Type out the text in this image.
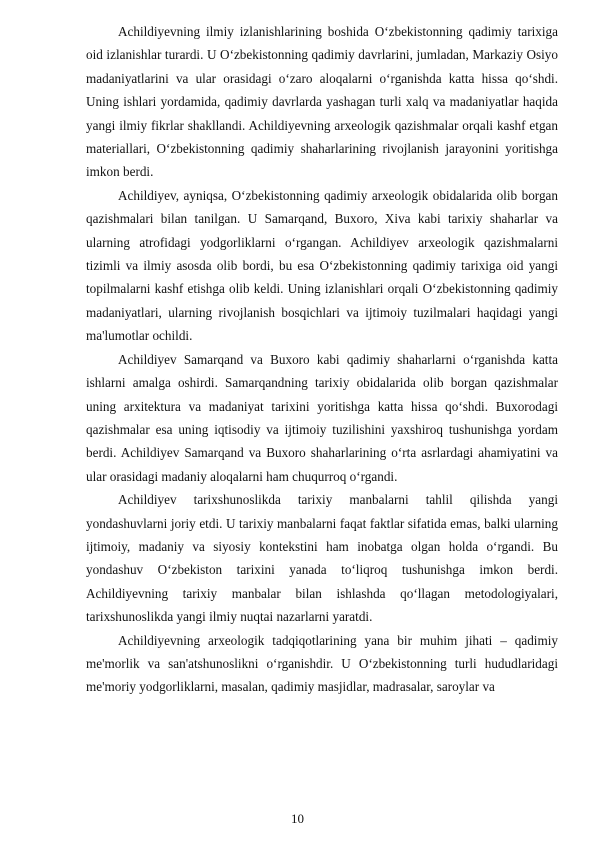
Achildiyevning ilmiy izlanishlarining boshida O‘zbekistonning qadimiy tarixiga oid izlanishlar turardi. U O‘zbekistonning qadimiy davrlarini, jumladan, Markaziy Osiyo madaniyatlarini va ular orasidagi o‘zaro aloqalarni o‘rganishda katta hissa qo‘shdi. Uning ishlari yordamida, qadimiy davrlarda yashagan turli xalq va madaniyatlar haqida yangi ilmiy fikrlar shakllandi. Achildiyevning arxeologik qazishmalar orqali kashf etgan materiallari, O‘zbekistonning qadimiy shaharlarining rivojlanish jarayonini yoritishga imkon berdi.

Achildiyev, ayniqsa, O‘zbekistonning qadimiy arxeologik obidalarida olib borgan qazishmalari bilan tanilgan. U Samarqand, Buxoro, Xiva kabi tarixiy shaharlar va ularning atrofidagi yodgorliklarni o‘rgangan. Achildiyev arxeologik qazishmalarni tizimli va ilmiy asosda olib bordi, bu esa O‘zbekistonning qadimiy tarixiga oid yangi topilmalarni kashf etishga olib keldi. Uning izlanishlari orqali O‘zbekistonning qadimiy madaniyatlari, ularning rivojlanish bosqichlari va ijtimoiy tuzilmalari haqidagi yangi ma'lumotlar ochildi.

Achildiyev Samarqand va Buxoro kabi qadimiy shaharlarni o‘rganishda katta ishlarni amalga oshirdi. Samarqandning tarixiy obidalarida olib borgan qazishmalar uning arxitektura va madaniyat tarixini yoritishga katta hissa qo‘shdi. Buxorodagi qazishmalar esa uning iqtisodiy va ijtimoiy tuzilishini yaxshiroq tushunishga yordam berdi. Achildiyev Samarqand va Buxoro shaharlarining o‘rta asrlardagi ahamiyatini va ular orasidagi madaniy aloqalarni ham chuqurroq o‘rgandi.

Achildiyev tarixshunoslikda tarixiy manbalarni tahlil qilishda yangi yondashuvlarni joriy etdi. U tarixiy manbalarni faqat faktlar sifatida emas, balki ularning ijtimoiy, madaniy va siyosiy kontekstini ham inobatga olgan holda o‘rgandi. Bu yondashuv O‘zbekiston tarixini yanada to‘liqroq tushunishga imkon berdi. Achildiyevning tarixiy manbalar bilan ishlashda qo‘llagan metodologiyalari, tarixshunoslikda yangi ilmiy nuqtai nazarlarni yaratdi.

Achildiyevning arxeologik tadqiqotlarining yana bir muhim jihati – qadimiy me'morlik va san'atshunoslikni o‘rganishdir. U O‘zbekistonning turli hududlaridagi me'moriy yodgorliklarni, masalan, qadimiy masjidlar, madrasalar, saroylar va

10
